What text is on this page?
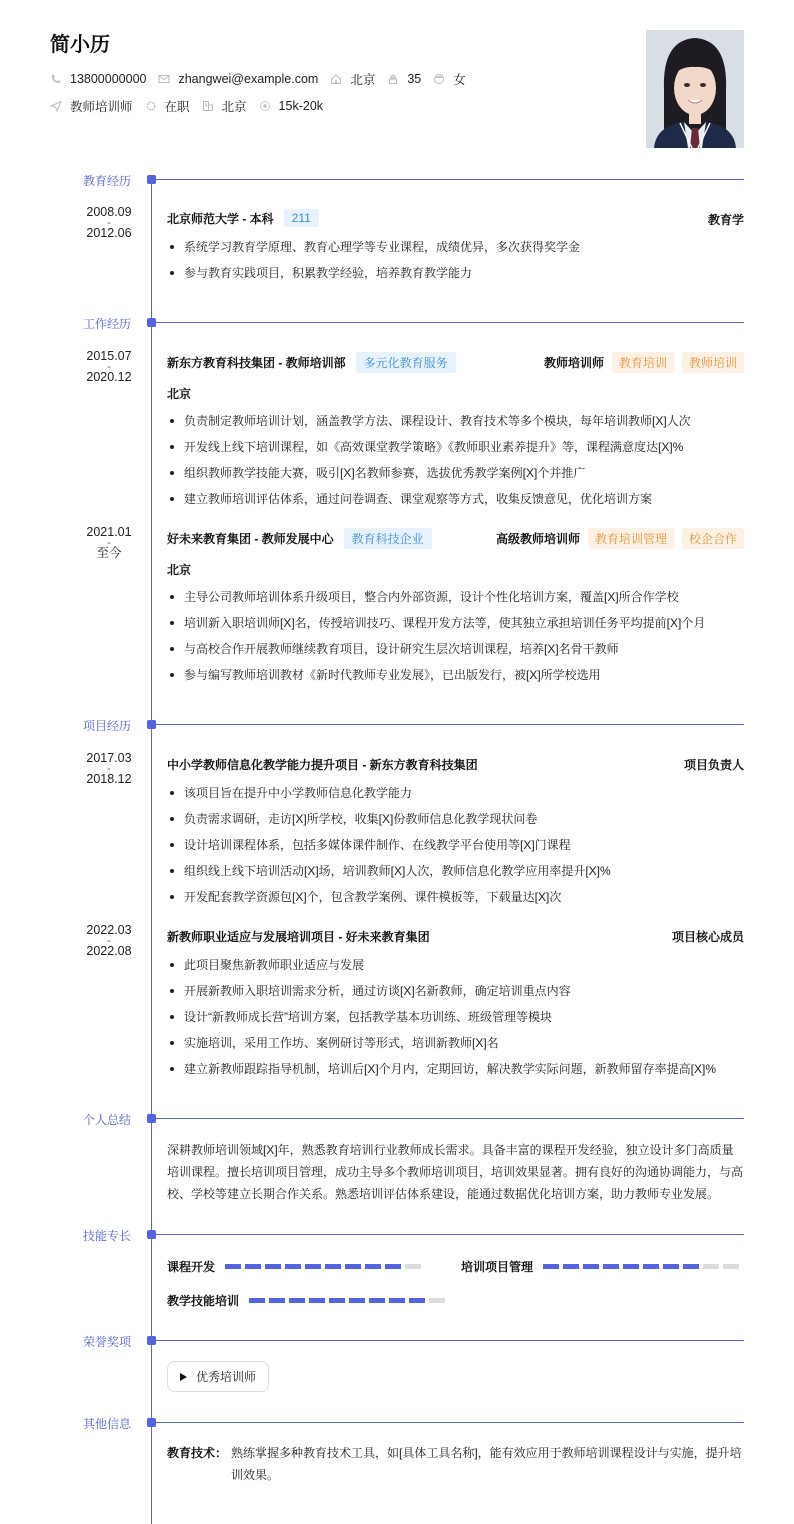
简小历
13800000000	zhangwei@example.com	北京	35	女
教师培训师	在职	北京	15k-20k
教育经历
2008.09
-
2012.06
北京师范大学 - 本科	211	教育学
系统学习教育学原理、教育心理学等专业课程，成绩优异，多次获得奖学金
参与教育实践项目，积累教学经验，培养教育教学能力
工作经历
2015.07
-
2020.12
新东方教育科技集团 - 教师培训部	多元化教育服务	教师培训师	教育培训	教师培训
北京
负责制定教师培训计划，涵盖教学方法、课程设计、教育技术等多个模块，每年培训教师[X]人次
开发线上线下培训课程，如《高效课堂教学策略》《教师职业素养提升》等，课程满意度达[X]%
组织教师教学技能大赛，吸引[X]名教师参赛，选拔优秀教学案例[X]个并推广
建立教师培训评估体系，通过问卷调查、课堂观察等方式，收集反馈意见，优化培训方案
2021.01
-
至今
好未来教育集团 - 教师发展中心	教育科技企业	高级教师培训师	教育培训管理	校企合作
北京
主导公司教师培训体系升级项目，整合内外部资源，设计个性化培训方案，覆盖[X]所合作学校
培训新入职培训师[X]名，传授培训技巧、课程开发方法等，使其独立承担培训任务平均提前[X]个月
与高校合作开展教师继续教育项目，设计研究生层次培训课程，培养[X]名骨干教师
参与编写教师培训教材《新时代教师专业发展》，已出版发行，被[X]所学校选用
项目经历
2017.03
-
2018.12
中小学教师信息化教学能力提升项目 - 新东方教育科技集团	项目负责人
该项目旨在提升中小学教师信息化教学能力
负责需求调研，走访[X]所学校，收集[X]份教师信息化教学现状问卷
设计培训课程体系，包括多媒体课件制作、在线教学平台使用等[X]门课程
组织线上线下培训活动[X]场，培训教师[X]人次，教师信息化教学应用率提升[X]%
开发配套教学资源包[X]个，包含教学案例、课件模板等，下载量达[X]次
2022.03
-
2022.08
新教师职业适应与发展培训项目 - 好未来教育集团	项目核心成员
此项目聚焦新教师职业适应与发展
开展新教师入职培训需求分析，通过访谈[X]名新教师，确定培训重点内容
设计“新教师成长营”培训方案，包括教学基本功训练、班级管理等模块
实施培训，采用工作坊、案例研讨等形式，培训新教师[X]名
建立新教师跟踪指导机制，培训后[X]个月内，定期回访，解决教学实际问题，新教师留存率提高[X]%
个人总结
深耕教师培训领域[X]年，熟悉教育培训行业教师成长需求。具备丰富的课程开发经验，独立设计多门高质量培训课程。擅长培训项目管理，成功主导多个教师培训项目，培训效果显著。拥有良好的沟通协调能力，与高校、学校等建立长期合作关系。熟悉培训评估体系建设，能通过数据优化培训方案，助力教师专业发展。
技能专长
课程开发	培训项目管理
教学技能培训
荣誉奖项
优秀培训师
其他信息
教育技术： 熟练掌握多种教育技术工具，如[具体工具名称]，能有效应用于教师培训课程设计与实施，提升培训效果。
